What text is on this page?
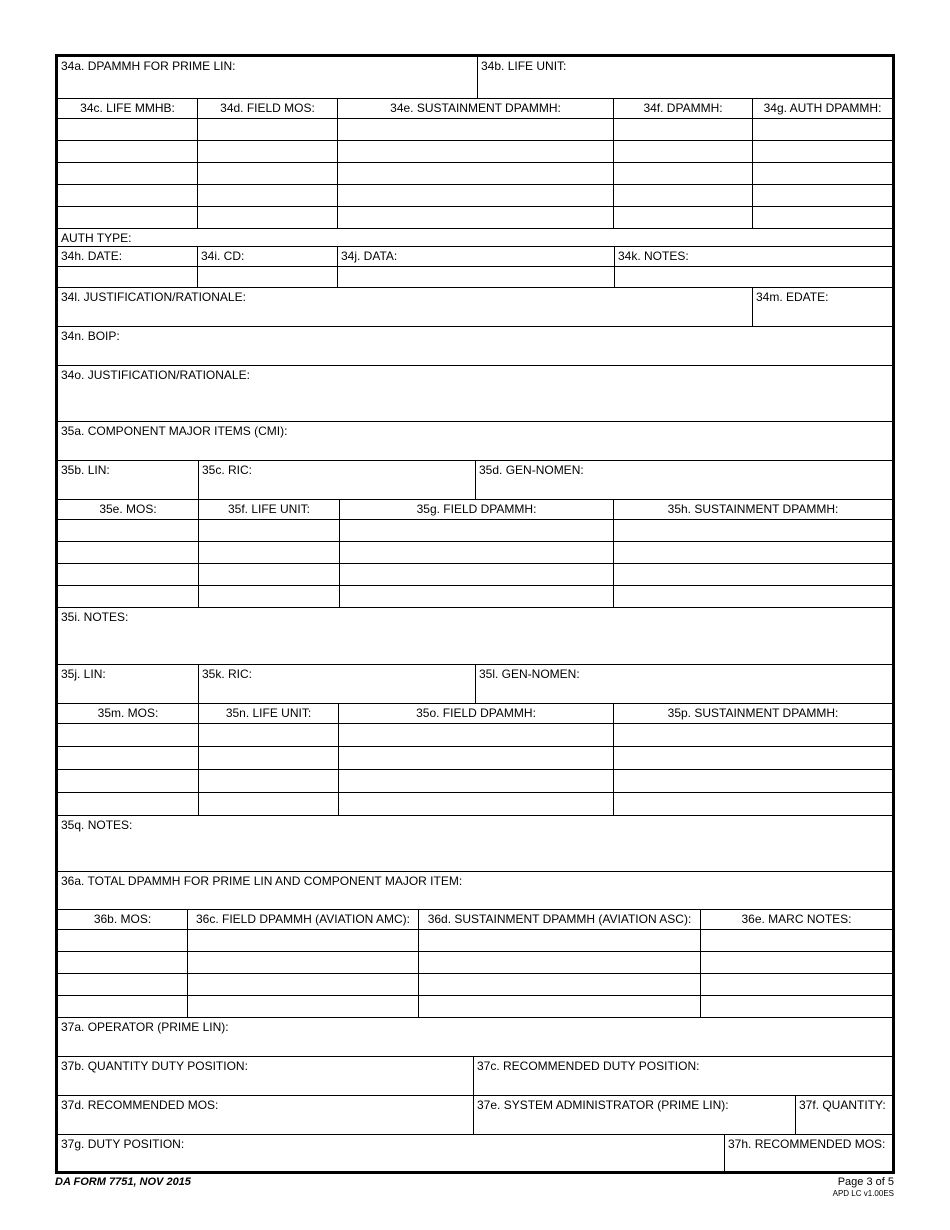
34a. DPAMMH FOR PRIME LIN:	34b. LIFE UNIT:
34c. LIFE MMHB:	34d. FIELD MOS:	34e. SUSTAINMENT DPAMMH:	34f. DPAMMH:	34g. AUTH DPAMMH:
AUTH TYPE:
34h. DATE:	34i. CD:	34j. DATA:	34k. NOTES:
34l. JUSTIFICATION/RATIONALE:	34m. EDATE:
34n. BOIP:
34o. JUSTIFICATION/RATIONALE:
35a. COMPONENT MAJOR ITEMS (CMI):
35b. LIN:	35c. RIC:	35d. GEN-NOMEN:
35e. MOS:	35f. LIFE UNIT:	35g. FIELD DPAMMH:	35h. SUSTAINMENT DPAMMH:
35i. NOTES:
35j. LIN:	35k. RIC:	35l. GEN-NOMEN:
35m. MOS:	35n. LIFE UNIT:	35o. FIELD DPAMMH:	35p. SUSTAINMENT DPAMMH:
35q. NOTES:
36a. TOTAL DPAMMH FOR PRIME LIN AND COMPONENT MAJOR ITEM:
36b. MOS:	36c. FIELD DPAMMH (AVIATION AMC):	36d. SUSTAINMENT DPAMMH (AVIATION ASC):	36e. MARC NOTES:
37a. OPERATOR (PRIME LIN):
37b. QUANTITY DUTY POSITION:	37c. RECOMMENDED DUTY POSITION:
37d. RECOMMENDED MOS:	37e. SYSTEM ADMINISTRATOR (PRIME LIN):	37f. QUANTITY:
37g. DUTY POSITION:	37h. RECOMMENDED MOS:
DA FORM 7751, NOV 2015	Page 3 of 5
APD LC v1.00ES
